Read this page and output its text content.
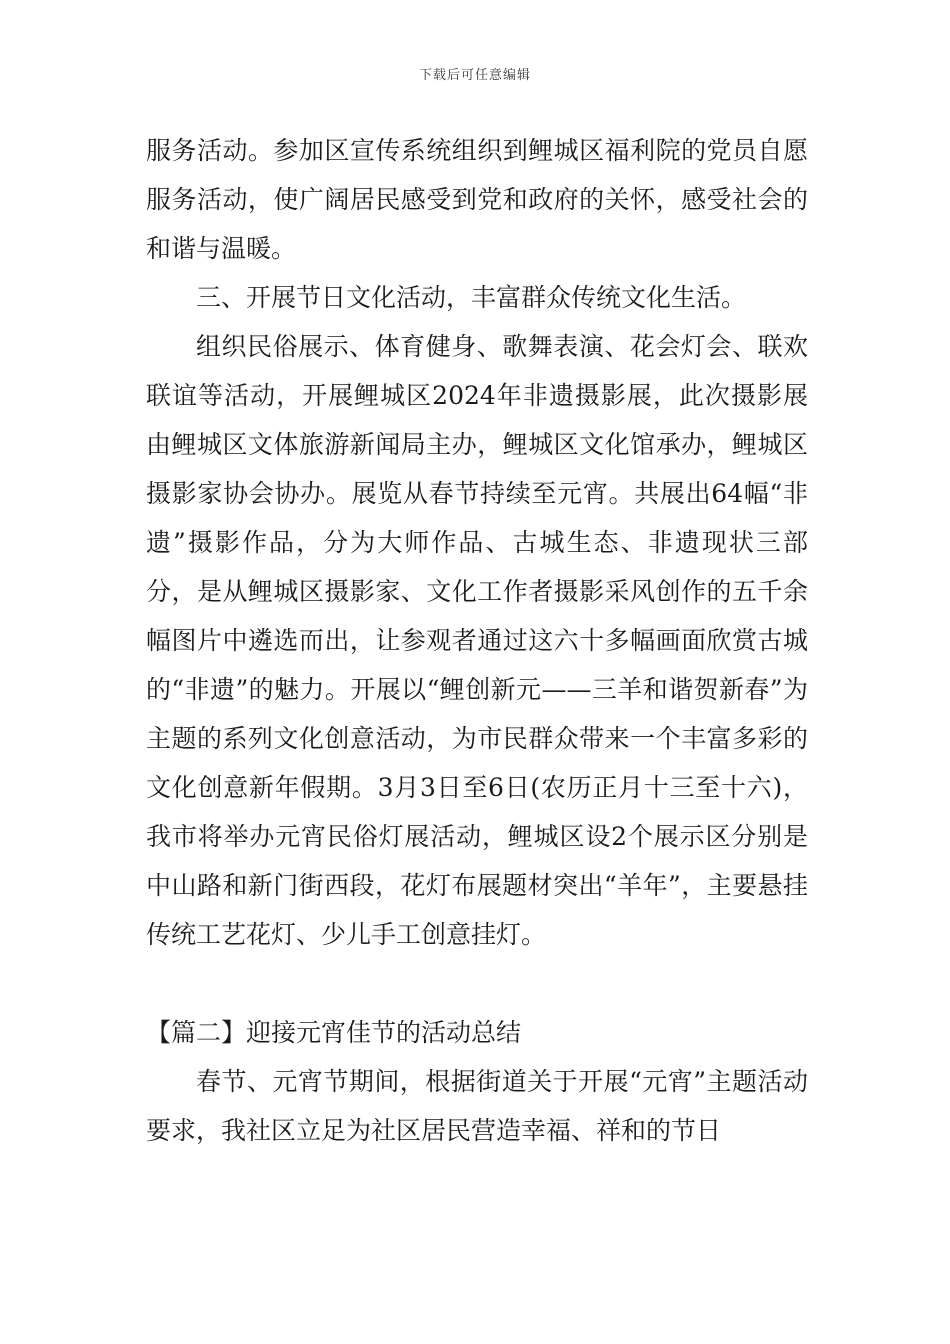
下载后可任意编辑

服务活动。参加区宣传系统组织到鲤城区福利院的党员自愿服务活动，使广阔居民感受到党和政府的关怀，感受社会的和谐与温暖。

三、开展节日文化活动，丰富群众传统文化生活。

组织民俗展示、体育健身、歌舞表演、花会灯会、联欢联谊等活动，开展鲤城区2024年非遗摄影展，此次摄影展由鲤城区文体旅游新闻局主办，鲤城区文化馆承办，鲤城区摄影家协会协办。展览从春节持续至元宵。共展出64幅“非遗”摄影作品，分为大师作品、古城生态、非遗现状三部分，是从鲤城区摄影家、文化工作者摄影采风创作的五千余幅图片中遴选而出，让参观者通过这六十多幅画面欣赏古城的“非遗”的魅力。开展以“鲤创新元——三羊和谐贺新春”为主题的系列文化创意活动，为市民群众带来一个丰富多彩的文化创意新年假期。3月3日至6日(农历正月十三至十六)，我市将举办元宵民俗灯展活动，鲤城区设2个展示区分别是中山路和新门街西段，花灯布展题材突出“羊年”，主要悬挂传统工艺花灯、少儿手工创意挂灯。

【篇二】迎接元宵佳节的活动总结

春节、元宵节期间，根据街道关于开展“元宵”主题活动要求，我社区立足为社区居民营造幸福、祥和的节日
